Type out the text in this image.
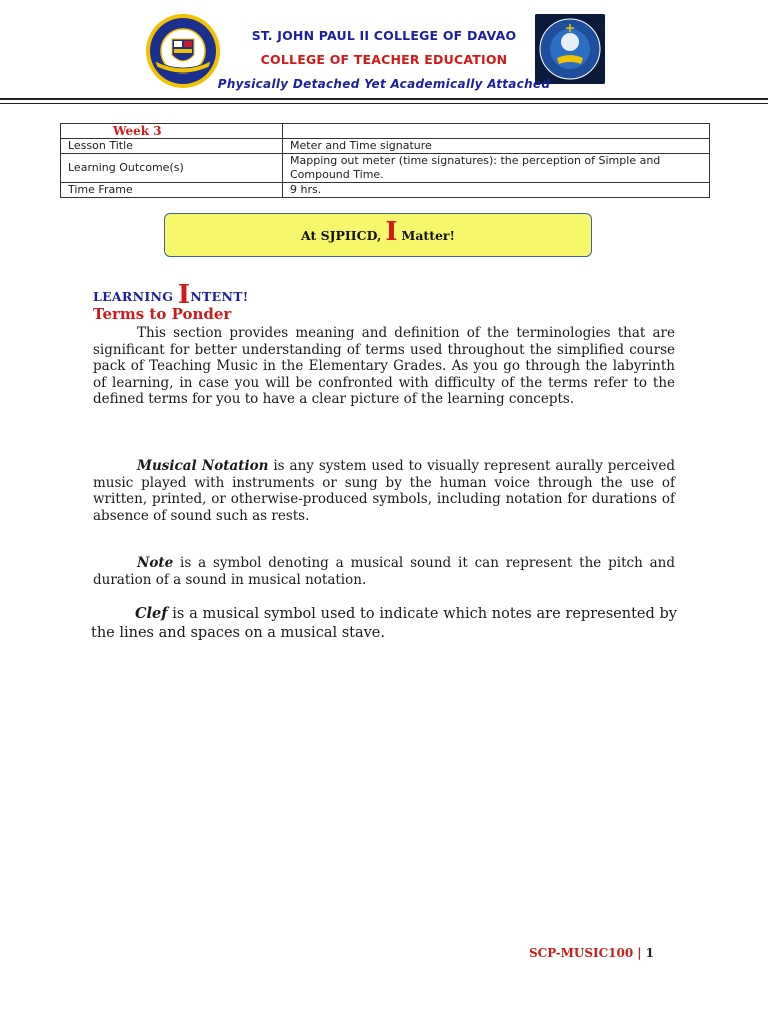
ST. JOHN PAUL II COLLEGE OF DAVAO
COLLEGE OF TEACHER EDUCATION
Physically Detached Yet Academically Attached
Week 3	
Lesson Title	Meter and Time signature
Learning Outcome(s)	Mapping out meter (time signatures): the perception of Simple and Compound Time.
Time Frame	9 hrs.
At SJPIICD, I Matter!
LEARNING INTENT!
Terms to Ponder
This section provides meaning and definition of the terminologies that are significant for better understanding of terms used throughout the simplified course pack of Teaching Music in the Elementary Grades. As you go through the labyrinth of learning, in case you will be confronted with difficulty of the terms refer to the defined terms for you to have a clear picture of the learning concepts.
Musical Notation is any system used to visually represent aurally perceived music played with instruments or sung by the human voice through the use of written, printed, or otherwise-produced symbols, including notation for durations of absence of sound such as rests.
Note is a symbol denoting a musical sound it can represent the pitch and duration of a sound in musical notation.
Clef is a musical symbol used to indicate which notes are represented by the lines and spaces on a musical stave.
SCP-MUSIC100 | 1
